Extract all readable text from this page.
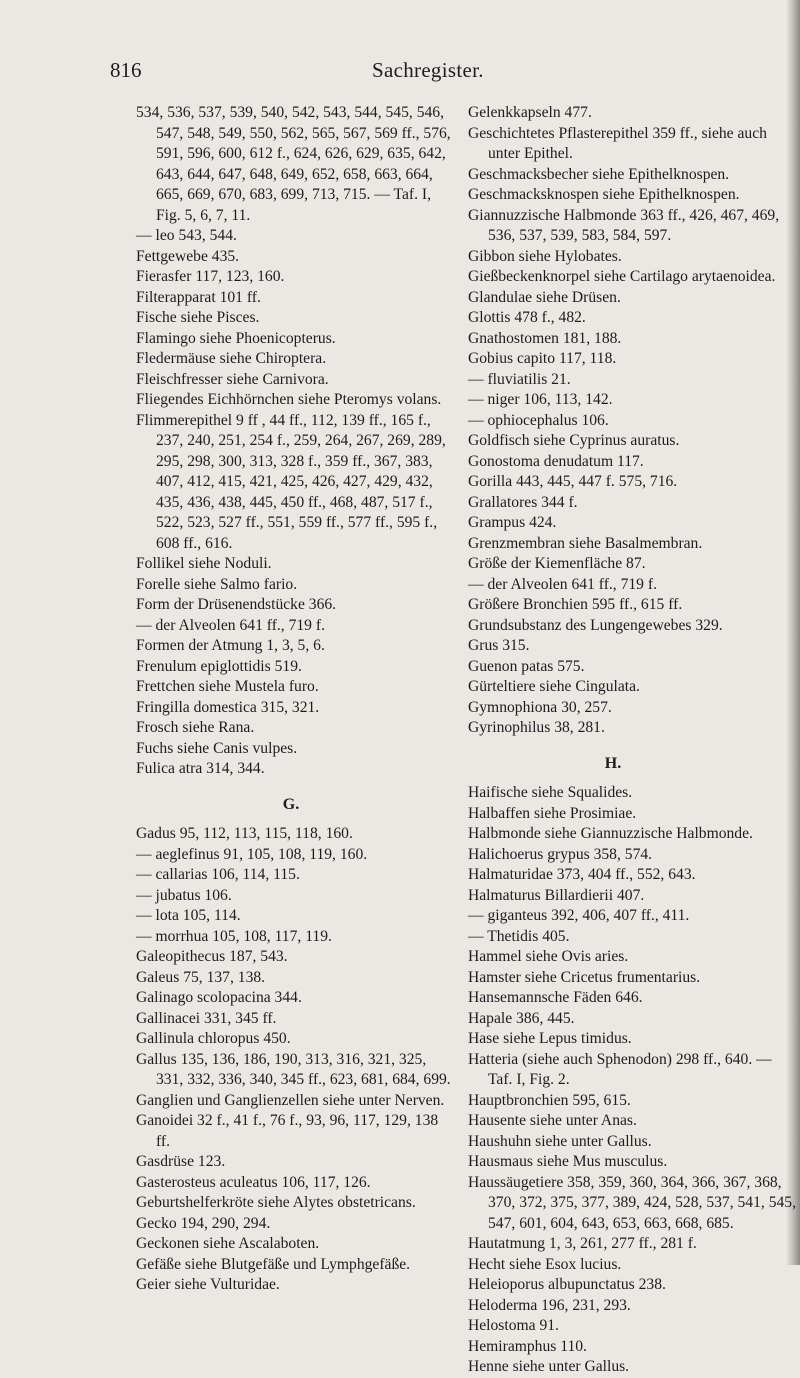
816	Sachregister.

534, 536, 537, 539, 540, 542, 543, 544, 545, 546, 547, 548, 549, 550, 562, 565, 567, 569 ff., 576, 591, 596, 600, 612 f., 624, 626, 629, 635, 642, 643, 644, 647, 648, 649, 652, 658, 663, 664, 665, 669, 670, 683, 699, 713, 715. — Taf. I, Fig. 5, 6, 7, 11.

— leo 543, 544.

Fettgewebe 435.

Fierasfer 117, 123, 160.

Filterapparat 101 ff.

Fische siehe Pisces.

Flamingo siehe Phoenicopterus.

Fledermäuse siehe Chiroptera.

Fleischfresser siehe Carnivora.

Fliegendes Eichhörnchen siehe Pteromys volans.

Flimmerepithel 9 ff , 44 ff., 112, 139 ff., 165 f., 237, 240, 251, 254 f., 259, 264, 267, 269, 289, 295, 298, 300, 313, 328 f., 359 ff., 367, 383, 407, 412, 415, 421, 425, 426, 427, 429, 432, 435, 436, 438, 445, 450 ff., 468, 487, 517 f., 522, 523, 527 ff., 551, 559 ff., 577 ff., 595 f., 608 ff., 616.

Follikel siehe Noduli.

Forelle siehe Salmo fario.

Form der Drüsenendstücke 366.

— der Alveolen 641 ff., 719 f.

Formen der Atmung 1, 3, 5, 6.

Frenulum epiglottidis 519.

Frettchen siehe Mustela furo.

Fringilla domestica 315, 321.

Frosch siehe Rana.

Fuchs siehe Canis vulpes.

Fulica atra 314, 344.

G.

Gadus 95, 112, 113, 115, 118, 160.

— aeglefinus 91, 105, 108, 119, 160.

— callarias 106, 114, 115.

— jubatus 106.

— lota 105, 114.

— morrhua 105, 108, 117, 119.

Galeopithecus 187, 543.

Galeus 75, 137, 138.

Galinago scolopacina 344.

Gallinacei 331, 345 ff.

Gallinula chloropus 450.

Gallus 135, 136, 186, 190, 313, 316, 321, 325, 331, 332, 336, 340, 345 ff., 623, 681, 684, 699.

Ganglien und Ganglienzellen siehe unter Nerven.

Ganoidei 32 f., 41 f., 76 f., 93, 96, 117, 129, 138 ff.

Gasdrüse 123.

Gasterosteus aculeatus 106, 117, 126.

Geburtshelferkröte siehe Alytes obstetricans.

Gecko 194, 290, 294.

Geckonen siehe Ascalaboten.

Gefäße siehe Blutgefäße und Lymphgefäße.

Geier siehe Vulturidae.

Gelenkkapseln 477.

Geschichtetes Pflasterepithel 359 ff., siehe auch unter Epithel.

Geschmacksbecher siehe Epithelknospen.

Geschmacksknospen siehe Epithelknospen.

Giannuzzische Halbmonde 363 ff., 426, 467, 469, 536, 537, 539, 583, 584, 597.

Gibbon siehe Hylobates.

Gießbeckenknorpel siehe Cartilago arytaenoidea.

Glandulae siehe Drüsen.

Glottis 478 f., 482.

Gnathostomen 181, 188.

Gobius capito 117, 118.

— fluviatilis 21.

— niger 106, 113, 142.

— ophiocephalus 106.

Goldfisch siehe Cyprinus auratus.

Gonostoma denudatum 117.

Gorilla 443, 445, 447 f. 575, 716.

Grallatores 344 f.

Grampus 424.

Grenzmembran siehe Basalmembran.

Größe der Kiemenfläche 87.

— der Alveolen 641 ff., 719 f.

Größere Bronchien 595 ff., 615 ff.

Grundsubstanz des Lungengewebes 329.

Grus 315.

Guenon patas 575.

Gürteltiere siehe Cingulata.

Gymnophiona 30, 257.

Gyrinophilus 38, 281.

H.

Haifische siehe Squalides.

Halbaffen siehe Prosimiae.

Halbmonde siehe Giannuzzische Halbmonde.

Halichoerus grypus 358, 574.

Halmaturidae 373, 404 ff., 552, 643.

Halmaturus Billardierii 407.

— giganteus 392, 406, 407 ff., 411.

— Thetidis 405.

Hammel siehe Ovis aries.

Hamster siehe Cricetus frumentarius.

Hansemannsche Fäden 646.

Hapale 386, 445.

Hase siehe Lepus timidus.

Hatteria (siehe auch Sphenodon) 298 ff., 640. — Taf. I, Fig. 2.

Hauptbronchien 595, 615.

Hausente siehe unter Anas.

Haushuhn siehe unter Gallus.

Hausmaus siehe Mus musculus.

Haussäugetiere 358, 359, 360, 364, 366, 367, 368, 370, 372, 375, 377, 389, 424, 528, 537, 541, 545, 547, 601, 604, 643, 653, 663, 668, 685.

Hautatmung 1, 3, 261, 277 ff., 281 f.

Hecht siehe Esox lucius.

Heleioporus albupunctatus 238.

Heloderma 196, 231, 293.

Helostoma 91.

Hemiramphus 110.

Henne siehe unter Gallus.
